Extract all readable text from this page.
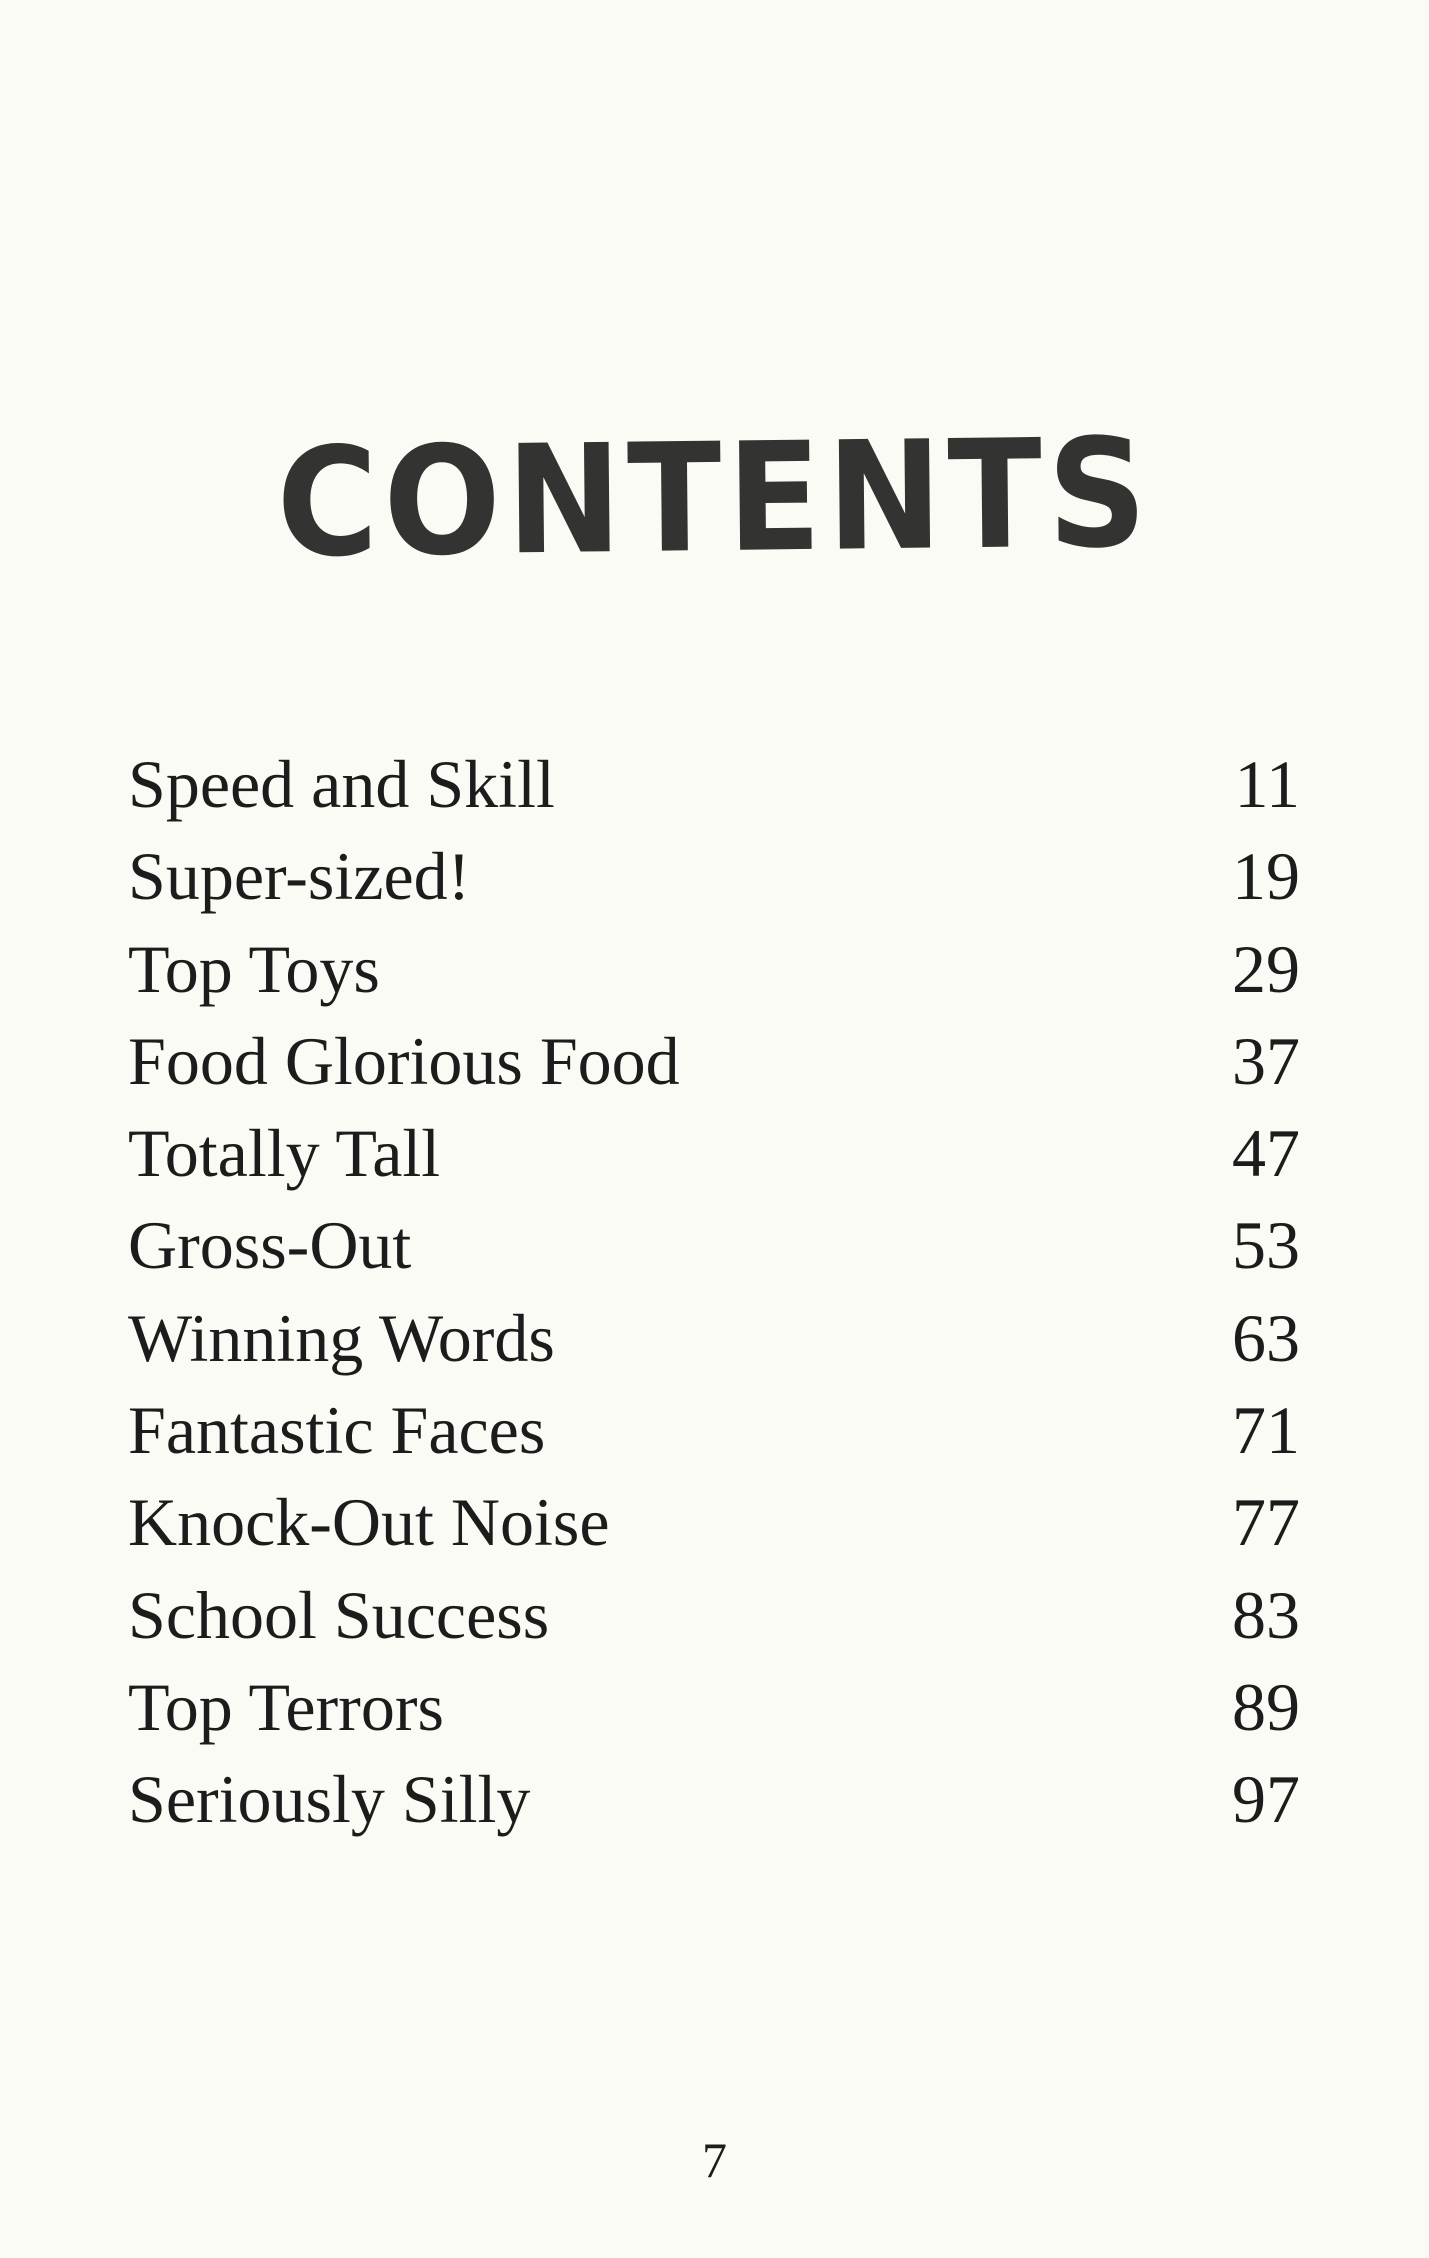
CONTENTS
Speed and Skill	11
Super-sized!	19
Top Toys	29
Food Glorious Food	37
Totally Tall	47
Gross-Out	53
Winning Words	63
Fantastic Faces	71
Knock-Out Noise	77
School Success	83
Top Terrors	89
Seriously Silly	97
7
